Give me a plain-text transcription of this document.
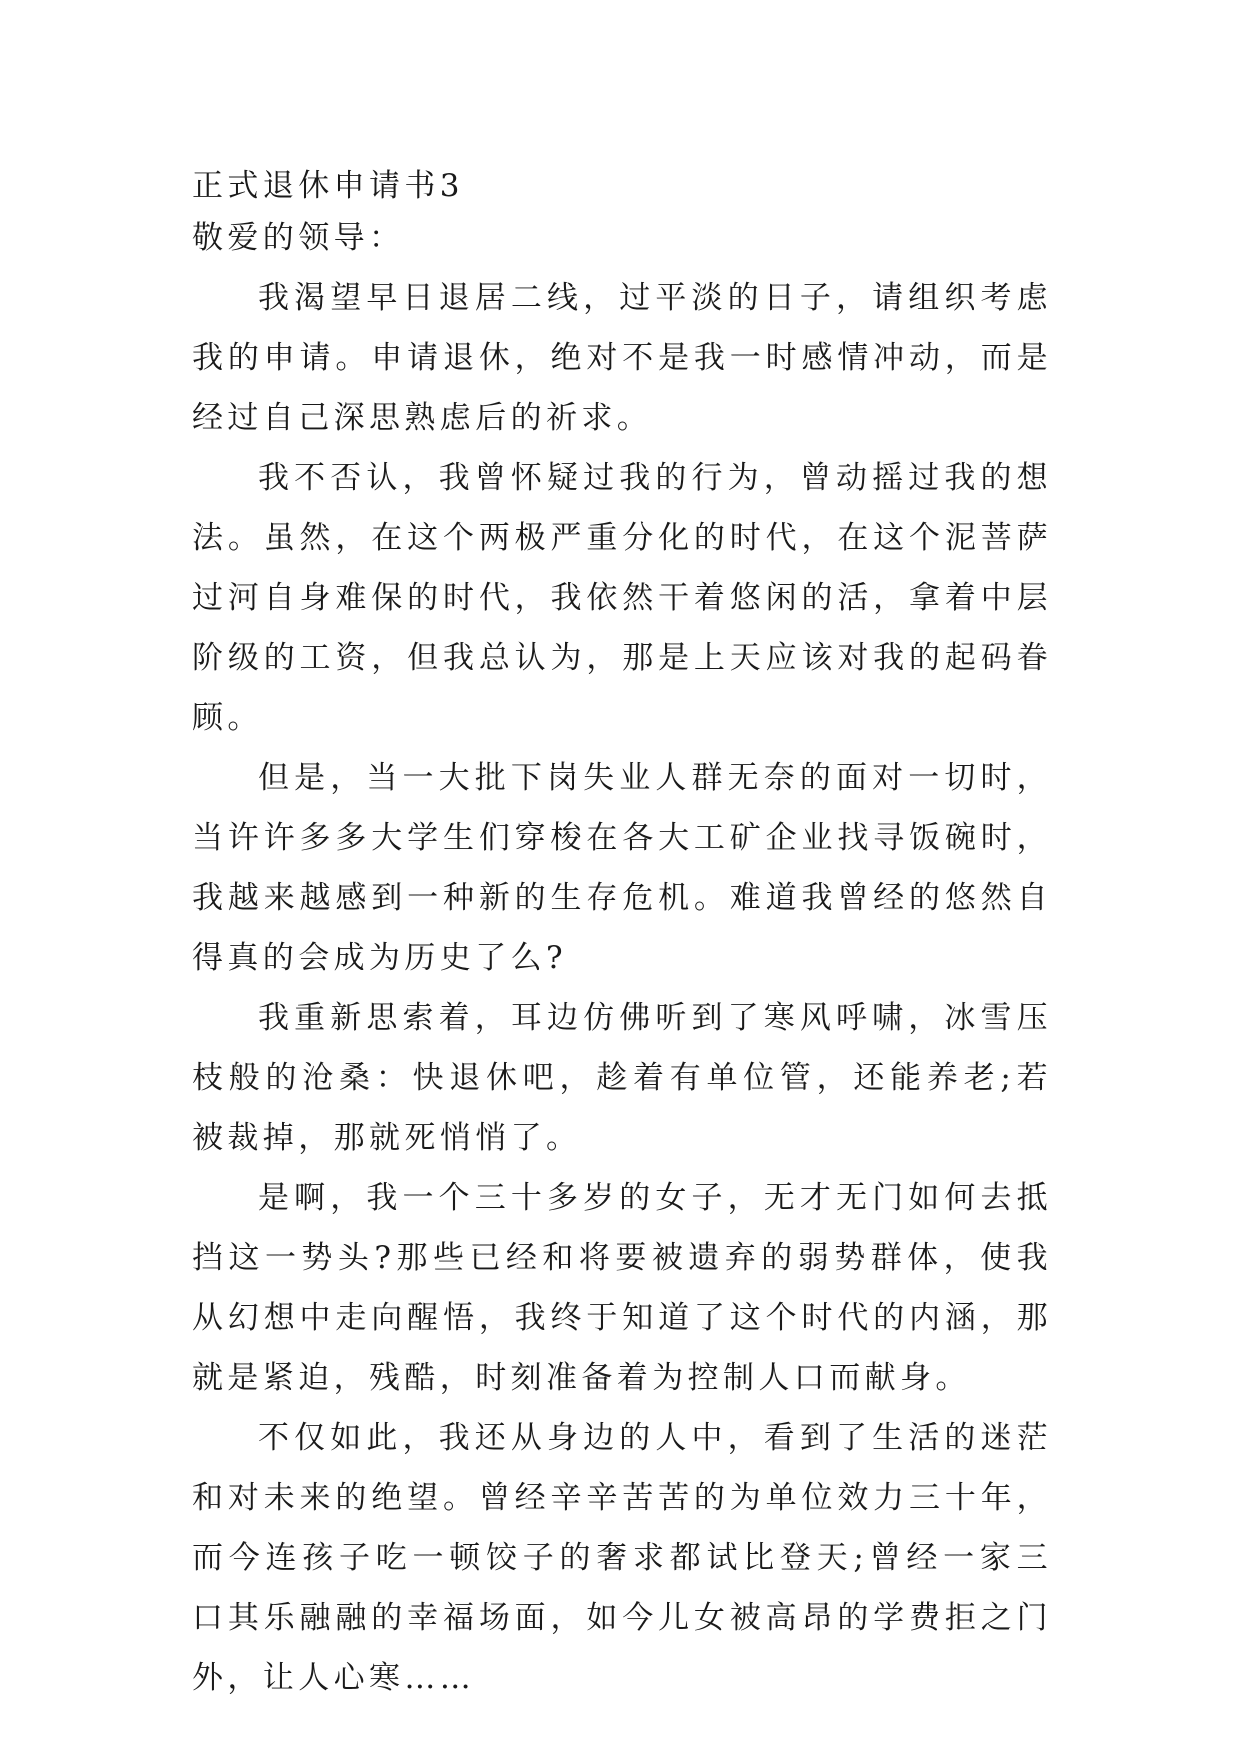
正式退休申请书3

敬爱的领导：

我渴望早日退居二线，过平淡的日子，请组织考虑我的申请。申请退休，绝对不是我一时感情冲动，而是经过自己深思熟虑后的祈求。

我不否认，我曾怀疑过我的行为，曾动摇过我的想法。虽然，在这个两极严重分化的时代，在这个泥菩萨过河自身难保的时代，我依然干着悠闲的活，拿着中层阶级的工资，但我总认为，那是上天应该对我的起码眷顾。

但是，当一大批下岗失业人群无奈的面对一切时，当许许多多大学生们穿梭在各大工矿企业找寻饭碗时，我越来越感到一种新的生存危机。难道我曾经的悠然自得真的会成为历史了么?

我重新思索着，耳边仿佛听到了寒风呼啸，冰雪压枝般的沧桑：快退休吧，趁着有单位管，还能养老;若被裁掉，那就死悄悄了。

是啊，我一个三十多岁的女子，无才无门如何去抵挡这一势头?那些已经和将要被遗弃的弱势群体，使我从幻想中走向醒悟，我终于知道了这个时代的内涵，那就是紧迫，残酷，时刻准备着为控制人口而献身。

不仅如此，我还从身边的人中，看到了生活的迷茫和对未来的绝望。曾经辛辛苦苦的为单位效力三十年，而今连孩子吃一顿饺子的奢求都试比登天;曾经一家三口其乐融融的幸福场面，如今儿女被高昂的学费拒之门外，让人心寒……
